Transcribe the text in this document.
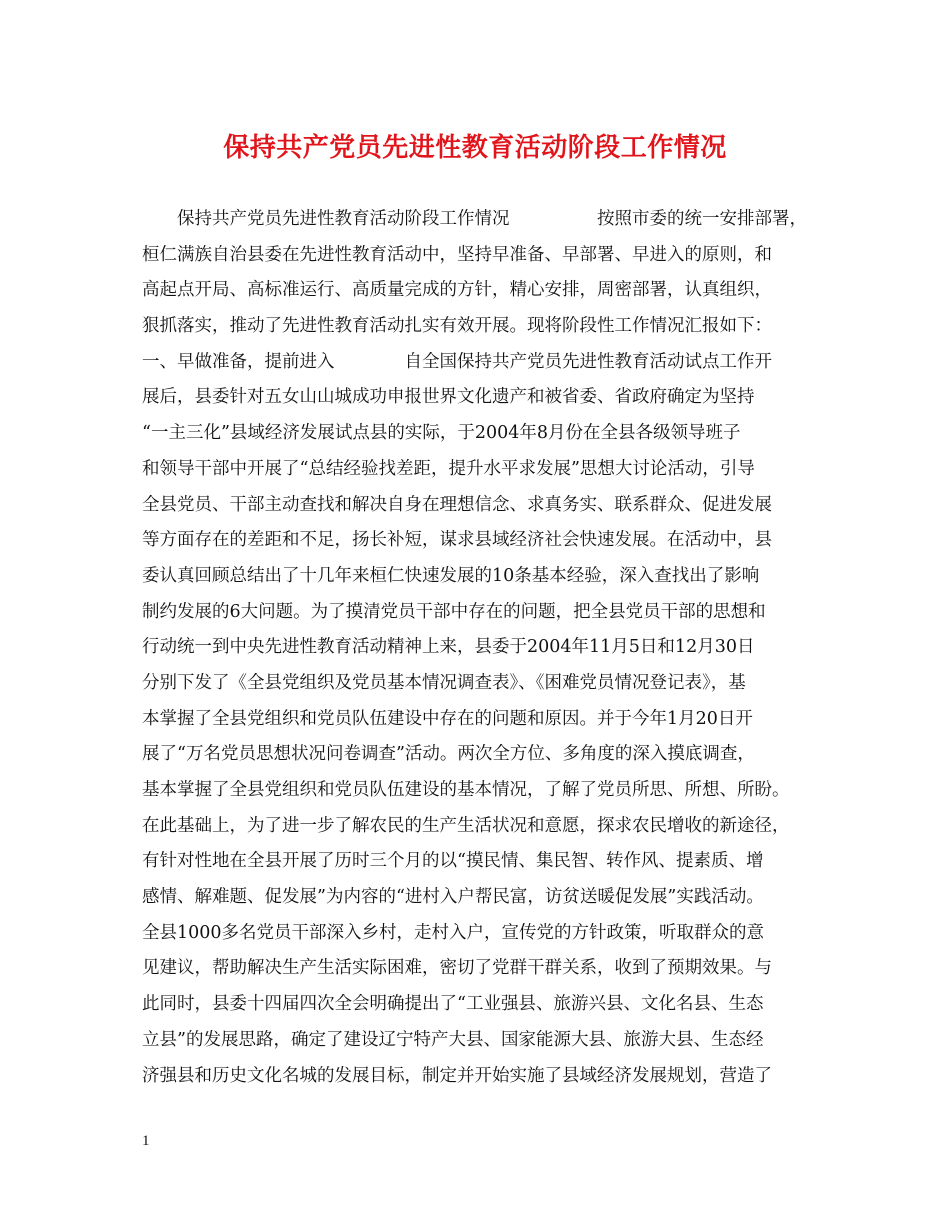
保持共产党员先进性教育活动阶段工作情况
　　保持共产党员先进性教育活动阶段工作情况　　　　　按照市委的统一安排部署，
桓仁满族自治县委在先进性教育活动中，坚持早准备、早部署、早进入的原则，和
高起点开局、高标准运行、高质量完成的方针，精心安排，周密部署，认真组织，
狠抓落实，推动了先进性教育活动扎实有效开展。现将阶段性工作情况汇报如下：
一、早做准备，提前进入　　　　自全国保持共产党员先进性教育活动试点工作开
展后，县委针对五女山山城成功申报世界文化遗产和被省委、省政府确定为坚持
“一主三化”县域经济发展试点县的实际，于2004年8月份在全县各级领导班子
和领导干部中开展了“总结经验找差距，提升水平求发展”思想大讨论活动，引导
全县党员、干部主动查找和解决自身在理想信念、求真务实、联系群众、促进发展
等方面存在的差距和不足，扬长补短，谋求县域经济社会快速发展。在活动中，县
委认真回顾总结出了十几年来桓仁快速发展的10条基本经验，深入查找出了影响
制约发展的6大问题。为了摸清党员干部中存在的问题，把全县党员干部的思想和
行动统一到中央先进性教育活动精神上来，县委于2004年11月5日和12月30日
分别下发了《全县党组织及党员基本情况调查表》、《困难党员情况登记表》，基
本掌握了全县党组织和党员队伍建设中存在的问题和原因。并于今年1月20日开
展了“万名党员思想状况问卷调查”活动。两次全方位、多角度的深入摸底调查，
基本掌握了全县党组织和党员队伍建设的基本情况，了解了党员所思、所想、所盼。
在此基础上，为了进一步了解农民的生产生活状况和意愿，探求农民增收的新途径，
有针对性地在全县开展了历时三个月的以“摸民情、集民智、转作风、提素质、增
感情、解难题、促发展”为内容的“进村入户帮民富，访贫送暖促发展”实践活动。
全县1000多名党员干部深入乡村，走村入户，宣传党的方针政策，听取群众的意
见建议，帮助解决生产生活实际困难，密切了党群干群关系，收到了预期效果。与
此同时，县委十四届四次全会明确提出了“工业强县、旅游兴县、文化名县、生态
立县”的发展思路，确定了建设辽宁特产大县、国家能源大县、旅游大县、生态经
济强县和历史文化名城的发展目标，制定并开始实施了县域经济发展规划，营造了
1
